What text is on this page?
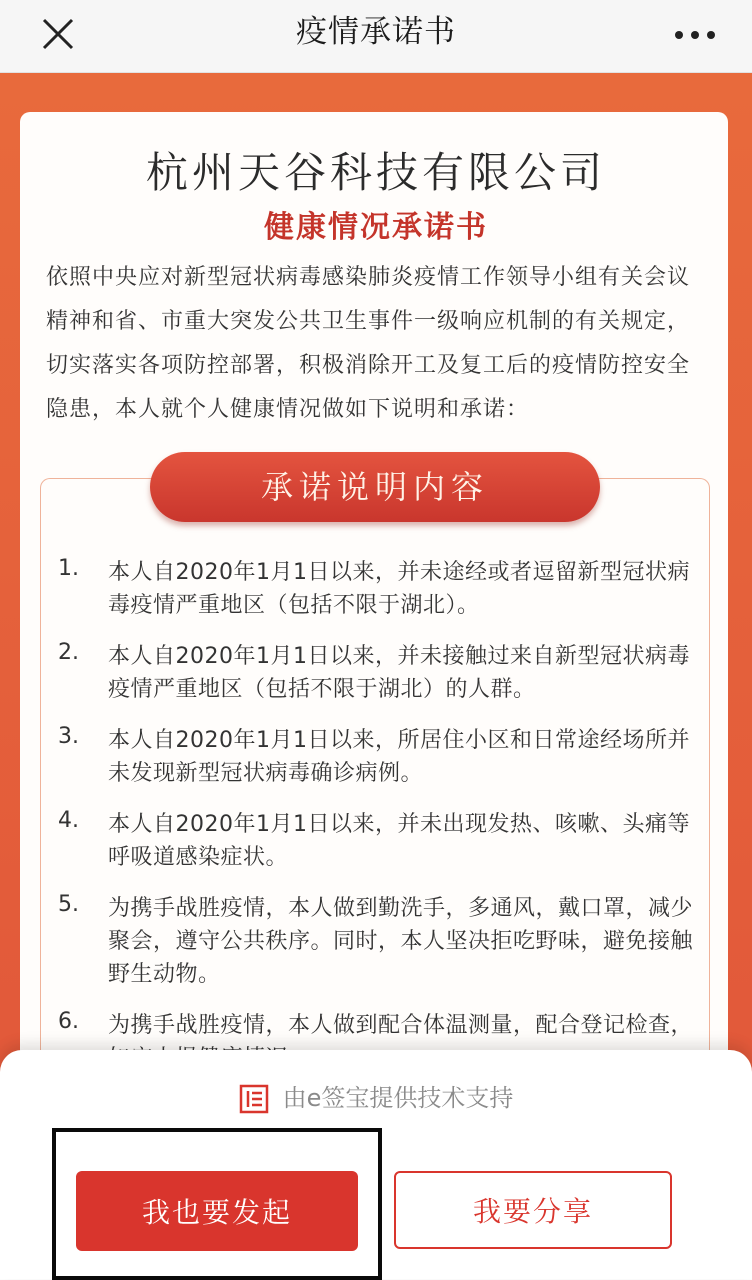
疫情承诺书
杭州天谷科技有限公司
健康情况承诺书
依照中央应对新型冠状病毒感染肺炎疫情工作领导小组有关会议精神和省、市重大突发公共卫生事件一级响应机制的有关规定，切实落实各项防控部署，积极消除开工及复工后的疫情防控安全隐患，本人就个人健康情况做如下说明和承诺：
承诺说明内容
1.	本人自2020年1月1日以来，并未途经或者逗留新型冠状病毒疫情严重地区（包括不限于湖北）。
2.	本人自2020年1月1日以来，并未接触过来自新型冠状病毒疫情严重地区（包括不限于湖北）的人群。
3.	本人自2020年1月1日以来，所居住小区和日常途经场所并未发现新型冠状病毒确诊病例。
4.	本人自2020年1月1日以来，并未出现发热、咳嗽、头痛等呼吸道感染症状。
5.	为携手战胜疫情，本人做到勤洗手，多通风，戴口罩，减少聚会，遵守公共秩序。同时，本人坚决拒吃野味，避免接触野生动物。
6.	为携手战胜疫情，本人做到配合体温测量，配合登记检查，
由e签宝提供技术支持
我也要发起	我要分享
